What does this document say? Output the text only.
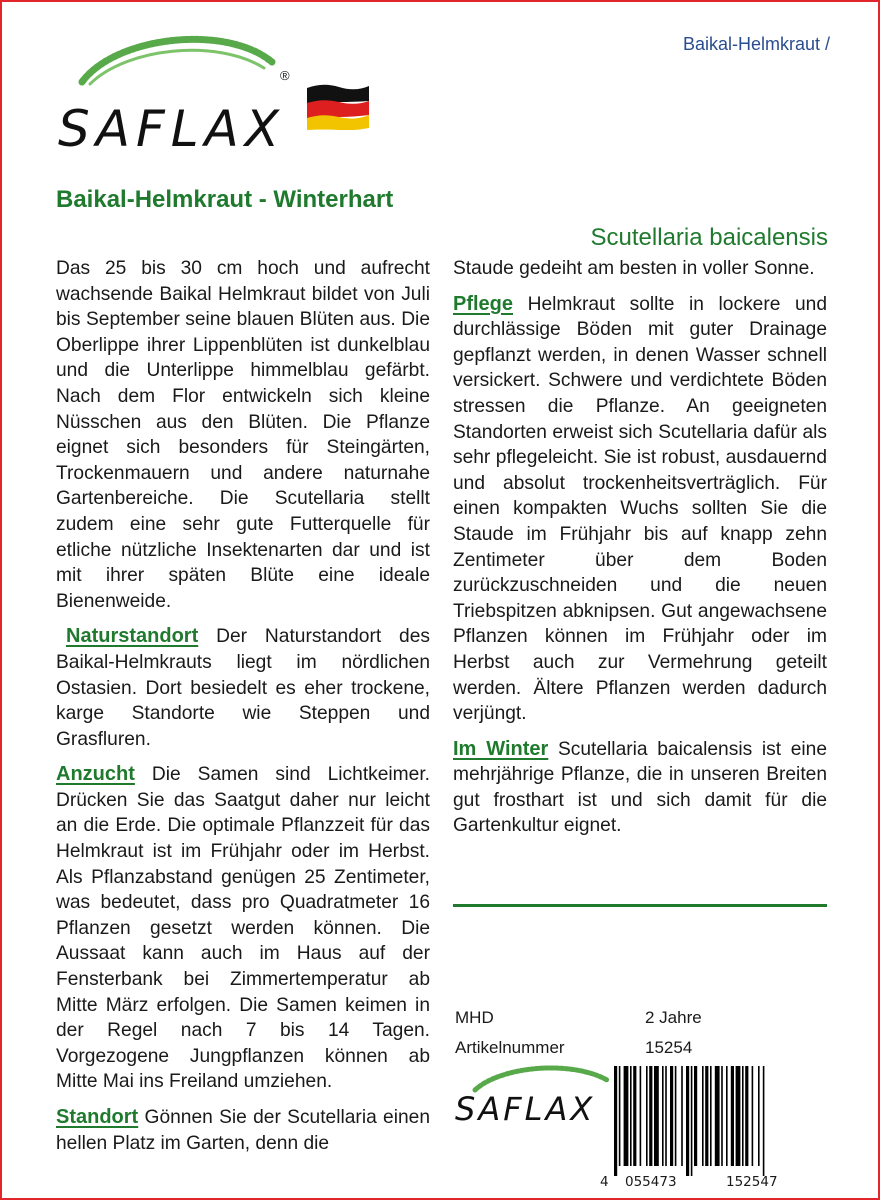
SAFLAX
®
Baikal-Helmkraut /
Baikal-Helmkraut - Winterhart
Scutellaria baicalensis

Das 25 bis 30 cm hoch und aufrecht wachsende Baikal Helmkraut bildet von Juli bis September seine blauen Blüten aus. Die Oberlippe ihrer Lippenblüten ist dunkelblau und die Unterlippe himmelblau gefärbt. Nach dem Flor entwickeln sich kleine Nüsschen aus den Blüten. Die Pflanze eignet sich besonders für Steingärten, Trockenmauern und andere naturnahe Gartenbereiche. Die Scutellaria stellt zudem eine sehr gute Futterquelle für etliche nützliche Insektenarten dar und ist mit ihrer späten Blüte eine ideale Bienenweide.

Naturstandort Der Naturstandort des Baikal-Helmkrauts liegt im nördlichen Ostasien. Dort besiedelt es eher trockene, karge Standorte wie Steppen und Grasfluren.

Anzucht Die Samen sind Lichtkeimer. Drücken Sie das Saatgut daher nur leicht an die Erde. Die optimale Pflanzzeit für das Helmkraut ist im Frühjahr oder im Herbst. Als Pflanzabstand genügen 25 Zentimeter, was bedeutet, dass pro Quadratmeter 16 Pflanzen gesetzt werden können. Die Aussaat kann auch im Haus auf der Fensterbank bei Zimmertemperatur ab Mitte März erfolgen. Die Samen keimen in der Regel nach 7 bis 14 Tagen. Vorgezogene Jungpflanzen können ab Mitte Mai ins Freiland umziehen.

Standort Gönnen Sie der Scutellaria einen hellen Platz im Garten, denn die

Staude gedeiht am besten in voller Sonne.

Pflege Helmkraut sollte in lockere und durchlässige Böden mit guter Drainage gepflanzt werden, in denen Wasser schnell versickert. Schwere und verdichtete Böden stressen die Pflanze. An geeigneten Standorten erweist sich Scutellaria dafür als sehr pflegeleicht. Sie ist robust, ausdauernd und absolut trockenheitsverträglich. Für einen kompakten Wuchs sollten Sie die Staude im Frühjahr bis auf knapp zehn Zentimeter über dem Boden zurückzuschneiden und die neuen Triebspitzen abknipsen. Gut angewachsene Pflanzen können im Frühjahr oder im Herbst auch zur Vermehrung geteilt werden. Ältere Pflanzen werden dadurch verjüngt.

Im Winter Scutellaria baicalensis ist eine mehrjährige Pflanze, die in unseren Breiten gut frosthart ist und sich damit für die Gartenkultur eignet.

MHD	2 Jahre
Artikelnummer	15254
SAFLAX
4 055473	152547
